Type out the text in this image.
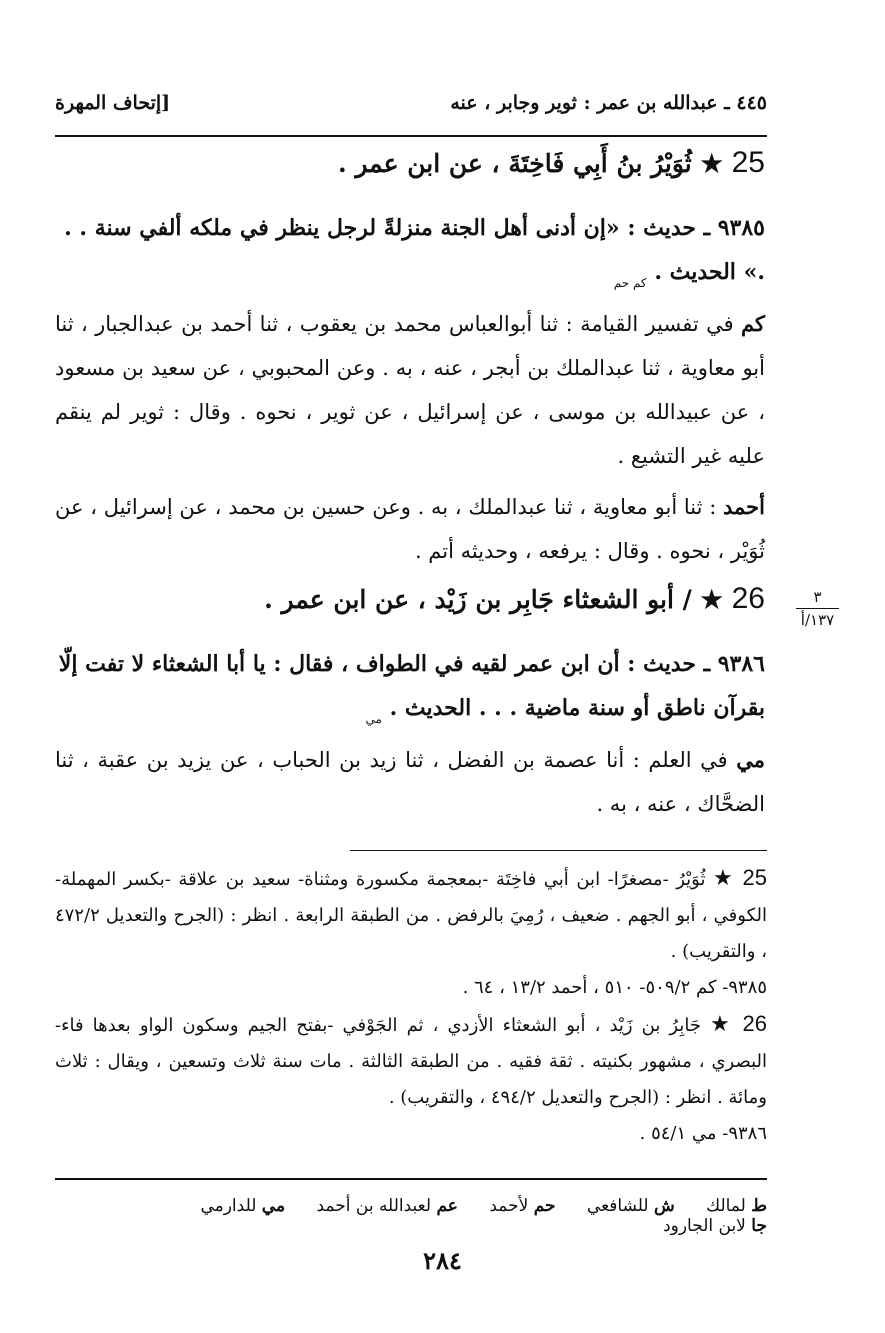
٤٤٥ ـ عبدالله بن عمر : ثوير وجابر ، عنه
[إتحاف المهرة
25 ★ ثُوَيْرُ بنُ أَبِي فَاخِتَةَ ، عن ابن عمر .
٩٣٨٥ ـ حديث : «إن أدنى أهل الجنة منزلةً لرجل ينظر في ملكه ألفي سنة . . .» الحديث . $_{كم حم}$
كم في تفسير القيامة : ثنا أبوالعباس محمد بن يعقوب ، ثنا أحمد بن عبدالجبار ، ثنا أبو معاوية ، ثنا عبدالملك بن أبجر ، عنه ، به . وعن المحبوبي ، عن سعيد بن مسعود ، عن عبيدالله بن موسى ، عن إسرائيل ، عن ثوير ، نحوه . وقال : ثوير لم ينقم عليه غير التشيع .
أحمد : ثنا أبو معاوية ، ثنا عبدالملك ، به . وعن حسين بن محمد ، عن إسرائيل ، عن ثُوَيْر ، نحوه . وقال : يرفعه ، وحديثه أتم .
26 ★ / أبو الشعثاء جَابِر بن زَيْد ، عن ابن عمر .	٣
١٣٧/أ
٩٣٨٦ ـ حديث : أن ابن عمر لقيه في الطواف ، فقال : يا أبا الشعثاء لا تفت إلّا بقرآن ناطق أو سنة ماضية . . . الحديث . $_{مي}$
مي في العلم : أنا عصمة بن الفضل ، ثنا زيد بن الحباب ، عن يزيد بن عقبة ، ثنا الضحَّاك ، عنه ، به .
25 ★ ثُوَيْرُ -مصغرًا- ابن أبي فاخِتَة -بمعجمة مكسورة ومثناة- سعيد بن علاقة -بكسر المهملة- الكوفي ، أبو الجهم . ضعيف ، رُمِيَ بالرفض . من الطبقة الرابعة . انظر : (الجرح والتعديل ٤٧٢/٢ ، والتقريب) .
٩٣٨٥- كم ٥٠٩/٢- ٥١٠ ، أحمد ١٣/٢ ، ٦٤ .
26 ★ جَابِرُ بن زَيْد ، أبو الشعثاء الأزدي ، ثم الجَوْفي -بفتح الجيم وسكون الواو بعدها فاء- البصري ، مشهور بكنيته . ثقة فقيه . من الطبقة الثالثة . مات سنة ثلاث وتسعين ، ويقال : ثلاث ومائة . انظر : (الجرح والتعديل ٤٩٤/٢ ، والتقريب) .
٩٣٨٦- مي ٥٤/١ .
ط لمالك ش للشافعي حم لأحمد عم لعبدالله بن أحمد مي للدارمي جا لابن الجارود
٢٨٤
